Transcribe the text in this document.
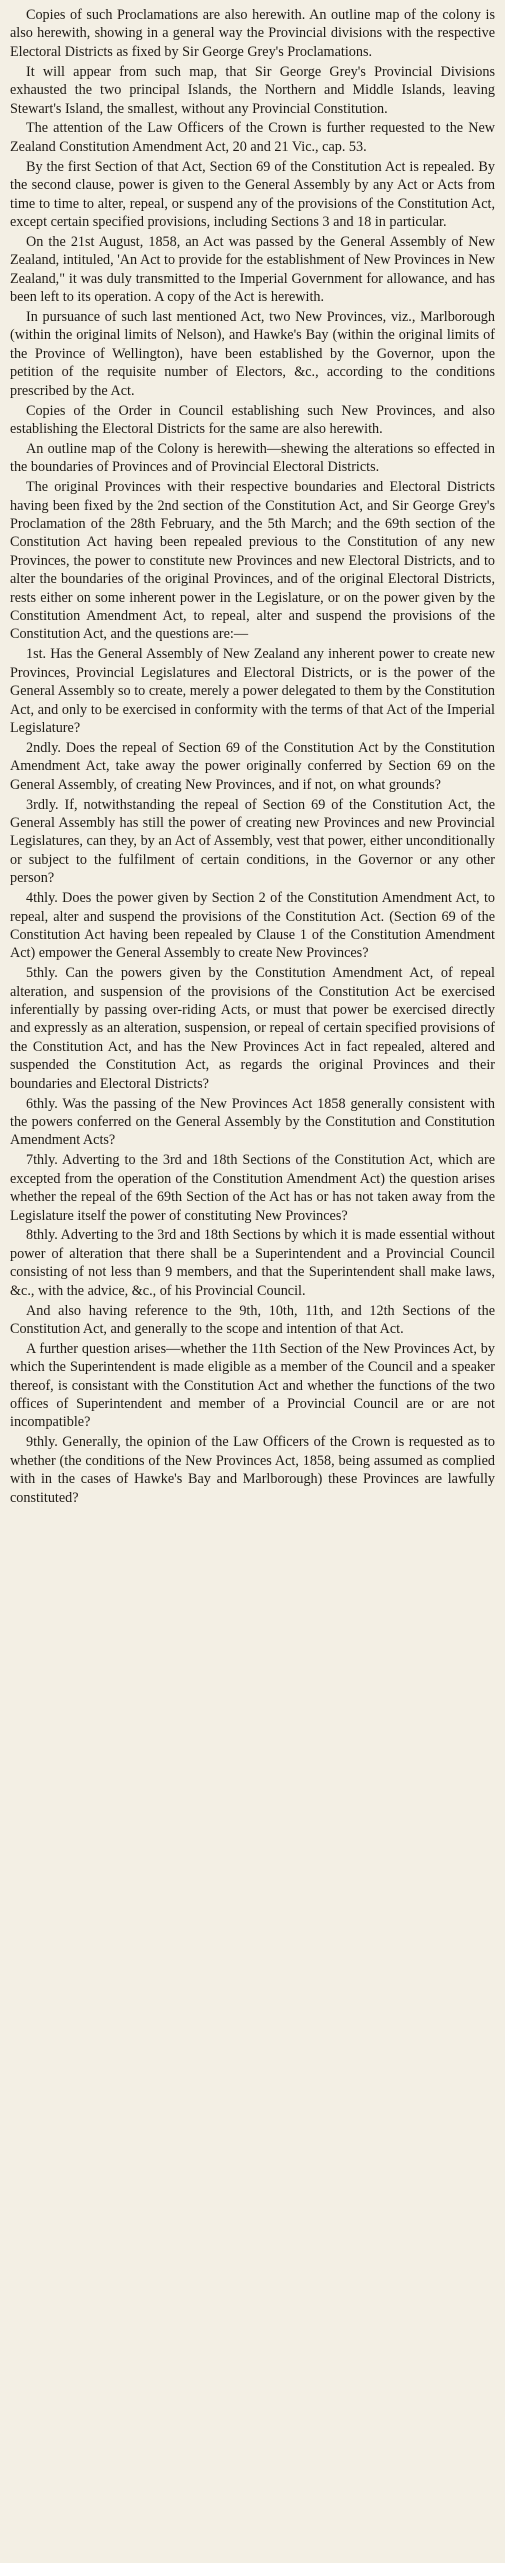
Copies of such Proclamations are also herewith. An outline map of the colony is also herewith, showing in a general way the Provincial divisions with the respective Electoral Districts as fixed by Sir George Grey's Proclamations.

It will appear from such map, that Sir George Grey's Provincial Divisions exhausted the two principal Islands, the Northern and Middle Islands, leaving Stewart's Island, the smallest, without any Provincial Constitution.

The attention of the Law Officers of the Crown is further requested to the New Zealand Constitution Amendment Act, 20 and 21 Vic., cap. 53.

By the first Section of that Act, Section 69 of the Constitution Act is repealed. By the second clause, power is given to the General Assembly by any Act or Acts from time to time to alter, repeal, or suspend any of the provisions of the Constitution Act, except certain specified provisions, including Sections 3 and 18 in particular.

On the 21st August, 1858, an Act was passed by the General Assembly of New Zealand, intituled, 'An Act to provide for the establishment of New Provinces in New Zealand," it was duly transmitted to the Imperial Government for allowance, and has been left to its operation. A copy of the Act is herewith.

In pursuance of such last mentioned Act, two New Provinces, viz., Marlborough (within the original limits of Nelson), and Hawke's Bay (within the original limits of the Province of Wellington), have been established by the Governor, upon the petition of the requisite number of Electors, &c., according to the conditions prescribed by the Act.

Copies of the Order in Council establishing such New Provinces, and also establishing the Electoral Districts for the same are also herewith.

An outline map of the Colony is herewith—shewing the alterations so effected in the boundaries of Provinces and of Provincial Electoral Districts.

The original Provinces with their respective boundaries and Electoral Districts having been fixed by the 2nd section of the Constitution Act, and Sir George Grey's Proclamation of the 28th February, and the 5th March; and the 69th section of the Constitution Act having been repealed previous to the Constitution of any new Provinces, the power to constitute new Provinces and new Electoral Districts, and to alter the boundaries of the original Provinces, and of the original Electoral Districts, rests either on some inherent power in the Legislature, or on the power given by the Constitution Amendment Act, to repeal, alter and suspend the provisions of the Constitution Act, and the questions are:—

1st. Has the General Assembly of New Zealand any inherent power to create new Provinces, Provincial Legislatures and Electoral Districts, or is the power of the General Assembly so to create, merely a power delegated to them by the Constitution Act, and only to be exercised in conformity with the terms of that Act of the Imperial Legislature?

2ndly. Does the repeal of Section 69 of the Constitution Act by the Constitution Amendment Act, take away the power originally conferred by Section 69 on the General Assembly, of creating New Provinces, and if not, on what grounds?

3rdly. If, notwithstanding the repeal of Section 69 of the Constitution Act, the General Assembly has still the power of creating new Provinces and new Provincial Legislatures, can they, by an Act of Assembly, vest that power, either unconditionally or subject to the fulfilment of certain conditions, in the Governor or any other person?

4thly. Does the power given by Section 2 of the Constitution Amendment Act, to repeal, alter and suspend the provisions of the Constitution Act. (Section 69 of the Constitution Act having been repealed by Clause 1 of the Constitution Amendment Act) empower the General Assembly to create New Provinces?

5thly. Can the powers given by the Constitution Amendment Act, of repeal alteration, and suspension of the provisions of the Constitution Act be exercised inferentially by passing over-riding Acts, or must that power be exercised directly and expressly as an alteration, suspension, or repeal of certain specified provisions of the Constitution Act, and has the New Provinces Act in fact repealed, altered and suspended the Constitution Act, as regards the original Provinces and their boundaries and Electoral Districts?

6thly. Was the passing of the New Provinces Act 1858 generally consistent with the powers conferred on the General Assembly by the Constitution and Constitution Amendment Acts?

7thly. Adverting to the 3rd and 18th Sections of the Constitution Act, which are excepted from the operation of the Constitution Amendment Act) the question arises whether the repeal of the 69th Section of the Act has or has not taken away from the Legislature itself the power of constituting New Provinces?

8thly. Adverting to the 3rd and 18th Sections by which it is made essential without power of alteration that there shall be a Superintendent and a Provincial Council consisting of not less than 9 members, and that the Superintendent shall make laws, &c., with the advice, &c., of his Provincial Council.

And also having reference to the 9th, 10th, 11th, and 12th Sections of the Constitution Act, and generally to the scope and intention of that Act.

A further question arises—whether the 11th Section of the New Provinces Act, by which the Superintendent is made eligible as a member of the Council and a speaker thereof, is consistant with the Constitution Act and whether the functions of the two offices of Superintendent and member of a Provincial Council are or are not incompatible?

9thly. Generally, the opinion of the Law Officers of the Crown is requested as to whether (the conditions of the New Provinces Act, 1858, being assumed as complied with in the cases of Hawke's Bay and Marlborough) these Provinces are lawfully constituted?
